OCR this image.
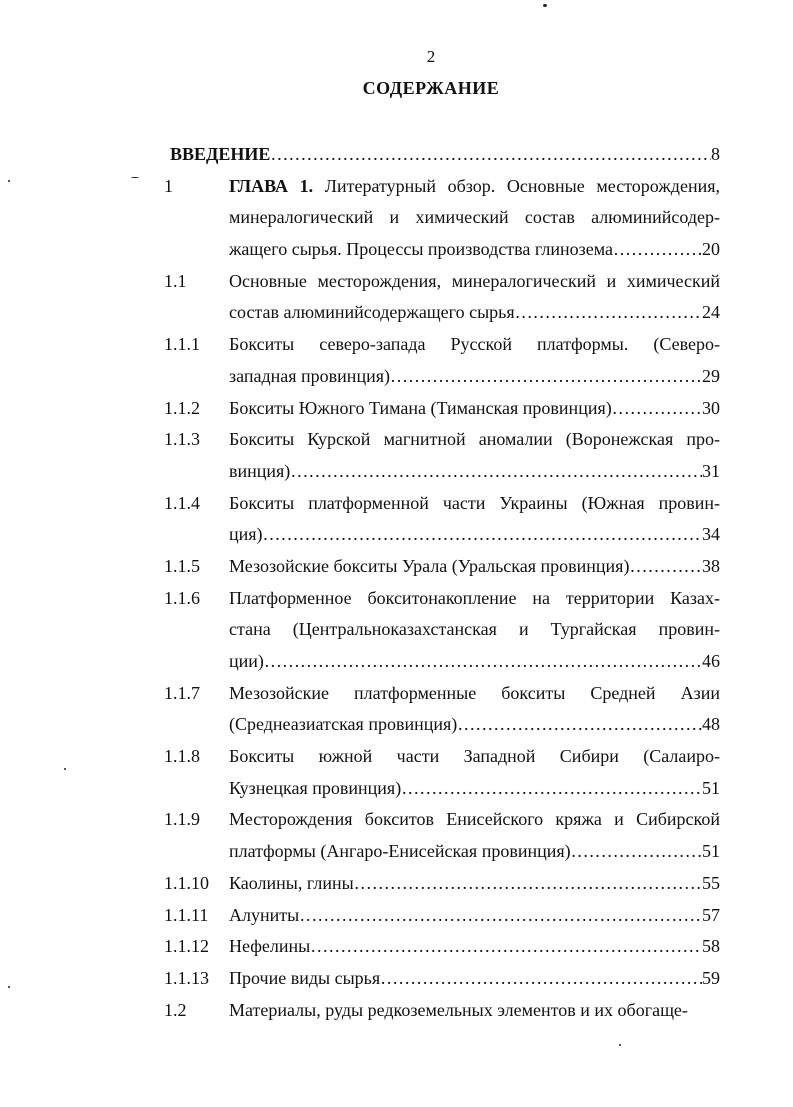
2
СОДЕРЖАНИЕ
ВВЕДЕНИЕ ………………………………………………………………………………………………………………………………………………	8
1	ГЛАВА 1. Литературный обзор. Основные месторождения,
минералогический и химический состав алюминийсодер-
жащего сырья. Процессы производства глинозема ………………………………………………………………………………………………………………………………………………	20
1.1 Основные месторождения, минералогический и химический
состав алюминийсодержащего сырья ………………………………………………………………………………………………………………………………………………	24
1.1.1 Бокситы северо-запада Русской платформы. (Северо-
западная провинция) ………………………………………………………………………………………………………………………………………………	29
1.1.2 Бокситы Южного Тимана (Тиманская провинция) ………………………………………………………………………………………………………………………………………………	30
1.1.3 Бокситы Курской магнитной аномалии (Воронежская про-
винция) ………………………………………………………………………………………………………………………………………………	31
1.1.4 Бокситы платформенной части Украины (Южная провин-
ция) ………………………………………………………………………………………………………………………………………………	34
1.1.5 Мезозойские бокситы Урала (Уральская провинция) ………………………………………………………………………………………………………………………………………………	38
1.1.6 Платформенное бокситонакопление на территории Казах-
стана (Центральноказахстанская и Тургайская провин-
ции) ………………………………………………………………………………………………………………………………………………	46
1.1.7 Мезозойские платформенные бокситы Средней Азии
(Среднеазиатская провинция) ………………………………………………………………………………………………………………………………………………	48
1.1.8 Бокситы южной части Западной Сибири (Салаиро-
Кузнецкая провинция) ………………………………………………………………………………………………………………………………………………	51
1.1.9 Месторождения бокситов Енисейского кряжа и Сибирской
платформы (Ангаро-Енисейская провинция) ………………………………………………………………………………………………………………………………………………	51
1.1.10 Каолины, глины ………………………………………………………………………………………………………………………………………………	55
1.1.11 Алуниты ………………………………………………………………………………………………………………………………………………	57
1.1.12 Нефелины ………………………………………………………………………………………………………………………………………………	58
1.1.13 Прочие виды сырья ………………………………………………………………………………………………………………………………………………	59
1.2 Материалы, руды редкоземельных элементов и их обогаще-
